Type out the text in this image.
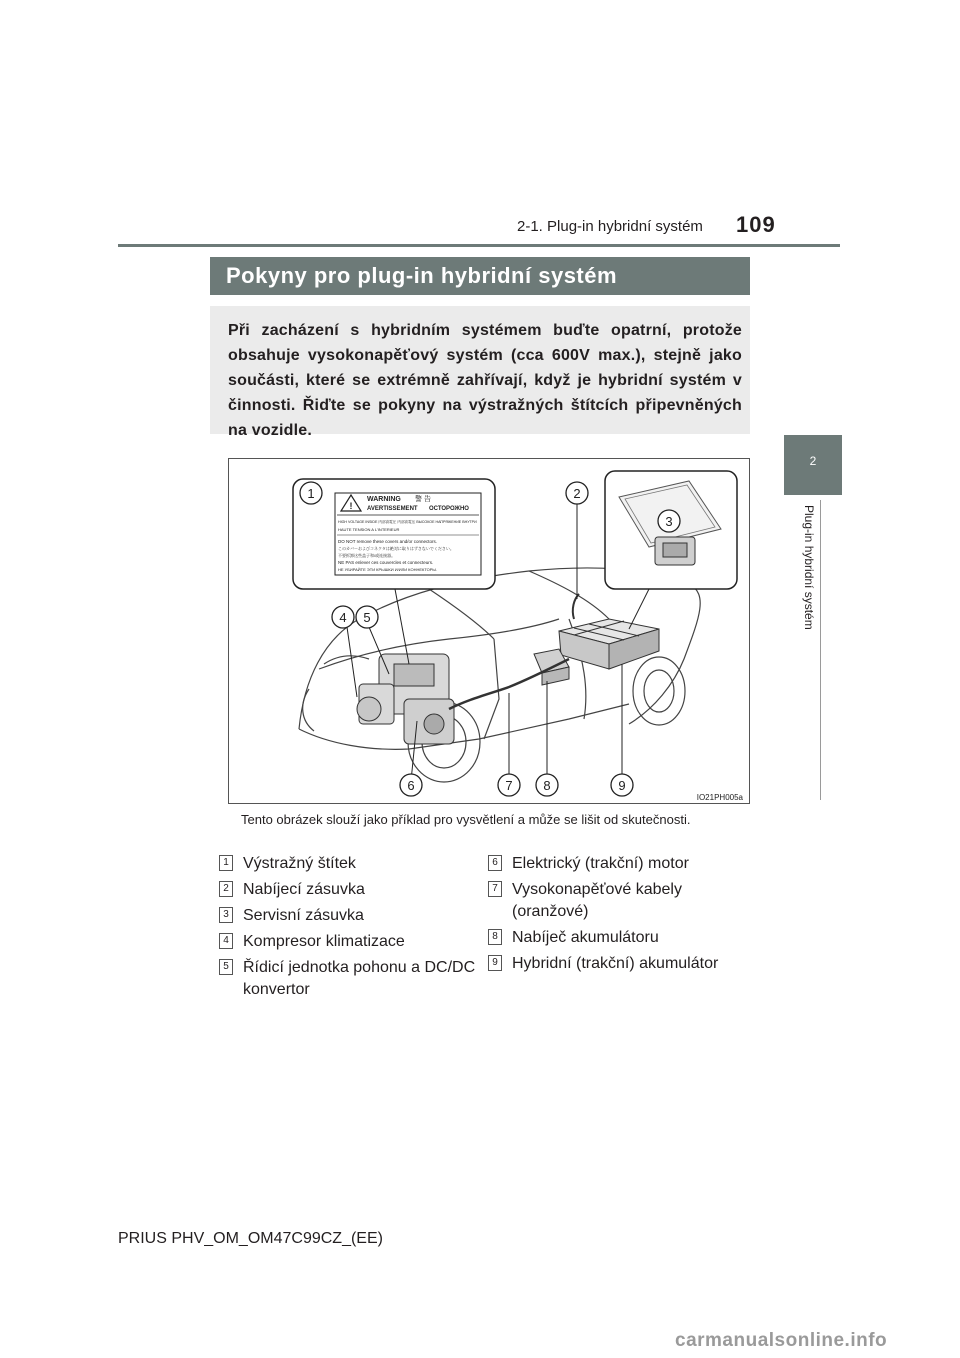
2-1. Plug-in hybridní systém 109
2
Plug-in hybridní systém
Pokyny pro plug-in hybridní systém
Při zacházení s hybridním systémem buďte opatrní, protože obsahuje vysokonapěťový systém (cca 600V max.), stejně jako součásti, které se extrémně zahřívají, když je hybridní systém v činnosti. Řiďte se pokyny na výstražných štítcích připevněných na vozidle.
!
WARNING 警 告
AVERTISSEMENT ОСТОРОЖНО
HIGH VOLTAGE INSIDE 内部高電圧 内部高電压 ВЫСОКОЕ НАПРЯЖЕНИЕ ВНУТРИ
HAUTE TENSION A L'INTERIEUR
DO NOT remove these covers and/or connectors.
このカバーおよびコネクタは絶対に取りはずさないでください。
不要拆卸这些盖子和/或连接器。
NE PAS enlever ces couvercles et connecteurs.
НЕ УБИРАЙТЕ ЭТИ КРЫШКИ И/ИЛИ КОННЕКТОРЫ.
1	2
3
4 5
6	7 8	9
IO21PH005a
Tento obrázek slouží jako příklad pro vysvětlení a může se lišit od skutečnosti.
1 Výstražný štítek
2 Nabíjecí zásuvka
3 Servisní zásuvka
4 Kompresor klimatizace
5 Řídicí jednotka pohonu a DC/DC konvertor
6 Elektrický (trakční) motor
7 Vysokonapěťové kabely (oranžové)
8 Nabíječ akumulátoru
9 Hybridní (trakční) akumulátor
PRIUS PHV_OM_OM47C99CZ_(EE)
carmanualsonline.info
